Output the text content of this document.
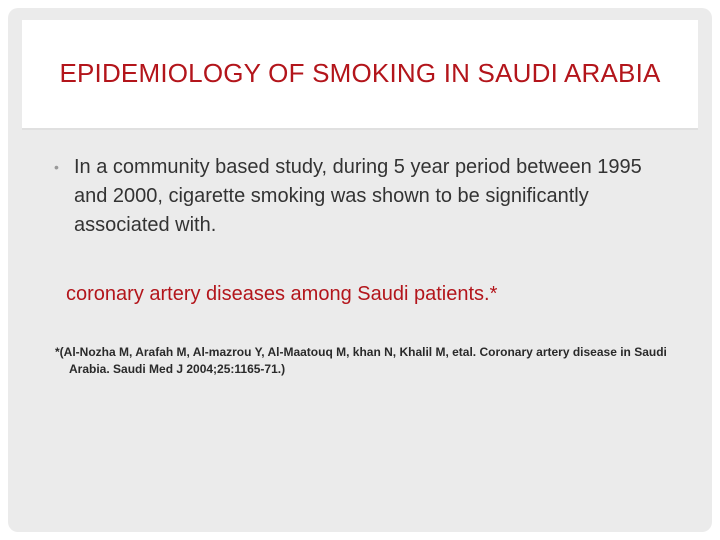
EPIDEMIOLOGY OF SMOKING IN SAUDI ARABIA
• In a community based study, during 5 year period between 1995 and 2000, cigarette smoking was shown to be significantly associated with.
coronary artery diseases among Saudi patients.*
*(Al-Nozha M, Arafah M, Al-mazrou Y, Al-Maatouq M, khan N, Khalil M, etal. Coronary artery disease in Saudi Arabia. Saudi Med J 2004;25:1165-71.)
